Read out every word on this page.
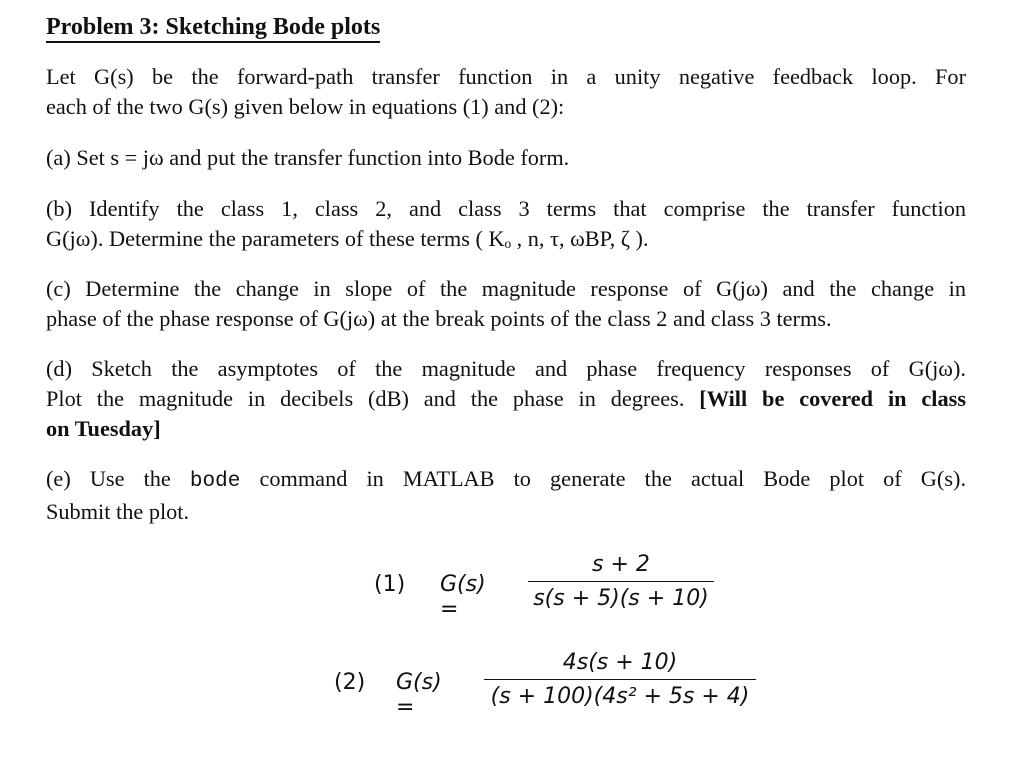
Problem 3: Sketching Bode plots
Let G(s) be the forward-path transfer function in a unity negative feedback loop. For
each of the two G(s) given below in equations (1) and (2):
(a) Set s = jω and put the transfer function into Bode form.
(b) Identify the class 1, class 2, and class 3 terms that comprise the transfer function
G(jω). Determine the parameters of these terms ( Kₒ , n, τ, ωBP, ζ ).
(c) Determine the change in slope of the magnitude response of G(jω) and the change in
phase of the phase response of G(jω) at the break points of the class 2 and class 3 terms.
(d) Sketch the asymptotes of the magnitude and phase frequency responses of G(jω).
Plot the magnitude in decibels (dB) and the phase in degrees. [Will be covered in class
on Tuesday]
(e) Use the bode command in MATLAB to generate the actual Bode plot of G(s).
Submit the plot.
(1) G(s) =
s + 2
s(s + 5)(s + 10)
(2) G(s) =
4s(s + 10)
(s + 100)(4s² + 5s + 4)
